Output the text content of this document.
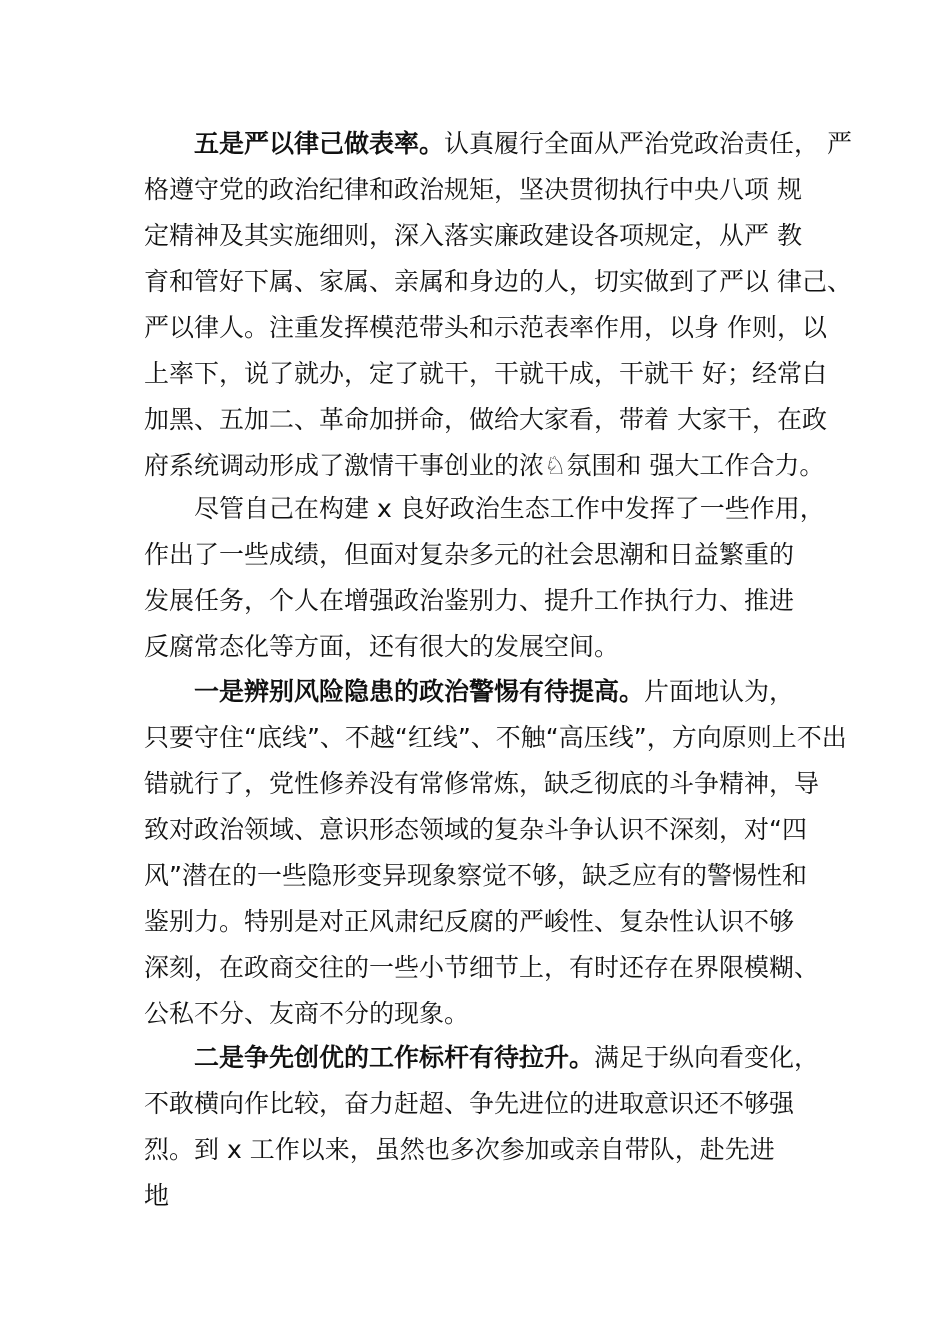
五是严以律己做表率。认真履行全面从严治党政治责任， 严
格遵守党的政治纪律和政治规矩，坚决贯彻执行中央八项 规
定精神及其实施细则，深入落实廉政建设各项规定，从严 教
育和管好下属、家属、亲属和身边的人，切实做到了严以 律己、
严以律人。注重发挥模范带头和示范表率作用，以身 作则，以
上率下，说了就办，定了就干，干就干成，干就干 好；经常白
加黑、五加二、革命加拼命，做给大家看，带着 大家干，在政
府系统调动形成了激情干事创业的浓♘氛围和 强大工作合力。
尽管自己在构建 x 良好政治生态工作中发挥了一些作用，
作出了一些成绩，但面对复杂多元的社会思潮和日益繁重的
发展任务，个人在增强政治鉴别力、提升工作执行力、推进
反腐常态化等方面，还有很大的发展空间。
一是辨别风险隐患的政治警惕有待提高。片面地认为，
只要守住“底线”、不越“红线”、不触“高压线”，方向原则上不出
错就行了，党性修养没有常修常炼，缺乏彻底的斗争精神，导
致对政治领域、意识形态领域的复杂斗争认识不深刻，对“四
风”潜在的一些隐形变异现象察觉不够，缺乏应有的警惕性和
鉴别力。特别是对正风肃纪反腐的严峻性、复杂性认识不够
深刻，在政商交往的一些小节细节上，有时还存在界限模糊、
公私不分、友商不分的现象。
二是争先创优的工作标杆有待拉升。满足于纵向看变化，
不敢横向作比较，奋力赶超、争先进位的进取意识还不够强
烈。到 x 工作以来，虽然也多次参加或亲自带队，赴先进
地
